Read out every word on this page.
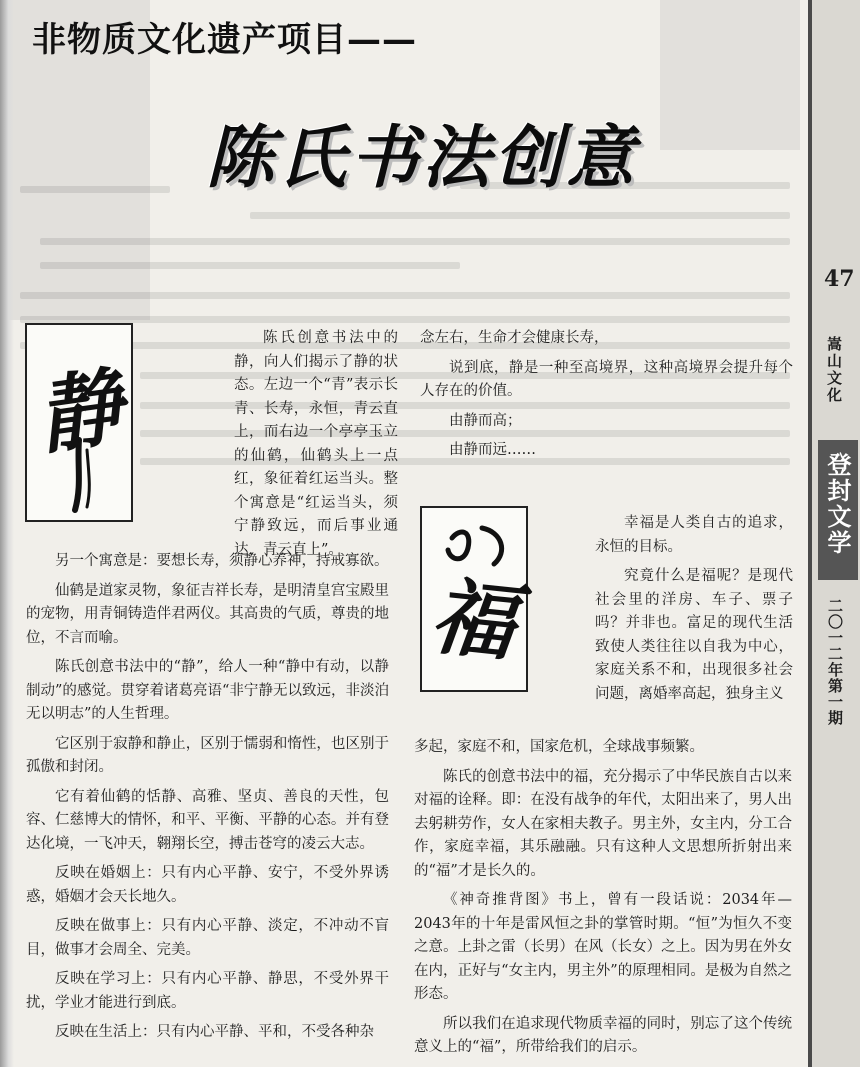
非物质文化遗产项目——
陈氏书法创意
47
嵩山文化
登封文学
二〇一二年第一期
静
福
陈氏创意书法中的静，向人们揭示了静的状态。左边一个“青”表示长青、长寿，永恒，青云直上，而右边一个亭亭玉立的仙鹤，仙鹤头上一点红，象征着红运当头。整个寓意是“红运当头，须宁静致远，而后事业通达，青云直上”。
另一个寓意是：要想长寿，须静心养神，持戒寡欲。
仙鹤是道家灵物，象征吉祥长寿，是明清皇宫宝殿里的宠物，用青铜铸造伴君两仪。其高贵的气质，尊贵的地位，不言而喻。
陈氏创意书法中的“静”，给人一种“静中有动，以静制动”的感觉。贯穿着诸葛亮语“非宁静无以致远，非淡泊无以明志”的人生哲理。
它区别于寂静和静止，区别于懦弱和惰性，也区别于孤傲和封闭。
它有着仙鹤的恬静、高雅、坚贞、善良的天性，包容、仁慈博大的情怀，和平、平衡、平静的心态。并有登达化境，一飞冲天，翱翔长空，搏击苍穹的凌云大志。
反映在婚姻上：只有内心平静、安宁，不受外界诱惑，婚姻才会天长地久。
反映在做事上：只有内心平静、淡定，不冲动不盲目，做事才会周全、完美。
反映在学习上：只有内心平静、静思，不受外界干扰，学业才能进行到底。
反映在生活上：只有内心平静、平和，不受各种杂
念左右，生命才会健康长寿，
说到底，静是一种至高境界，这种高境界会提升每个人存在的价值。
由静而高；
由静而远……
幸福是人类自古的追求，永恒的目标。
究竟什么是福呢？是现代社会里的洋房、车子、票子吗？并非也。富足的现代生活致使人类往往以自我为中心，家庭关系不和，出现很多社会问题，离婚率高起，独身主义
多起，家庭不和，国家危机，全球战事频繁。
陈氏的创意书法中的福，充分揭示了中华民族自古以来对福的诠释。即：在没有战争的年代，太阳出来了，男人出去躬耕劳作，女人在家相夫教子。男主外，女主内，分工合作，家庭幸福，其乐融融。只有这种人文思想所折射出来的“福”才是长久的。
《神奇推背图》书上，曾有一段话说：2034年—2043年的十年是雷风恒之卦的掌管时期。“恒”为恒久不变之意。上卦之雷（长男）在风（长女）之上。因为男在外女在内，正好与“女主内，男主外”的原理相同。是极为自然之形态。
所以我们在追求现代物质幸福的同时，别忘了这个传统意义上的“福”，所带给我们的启示。
